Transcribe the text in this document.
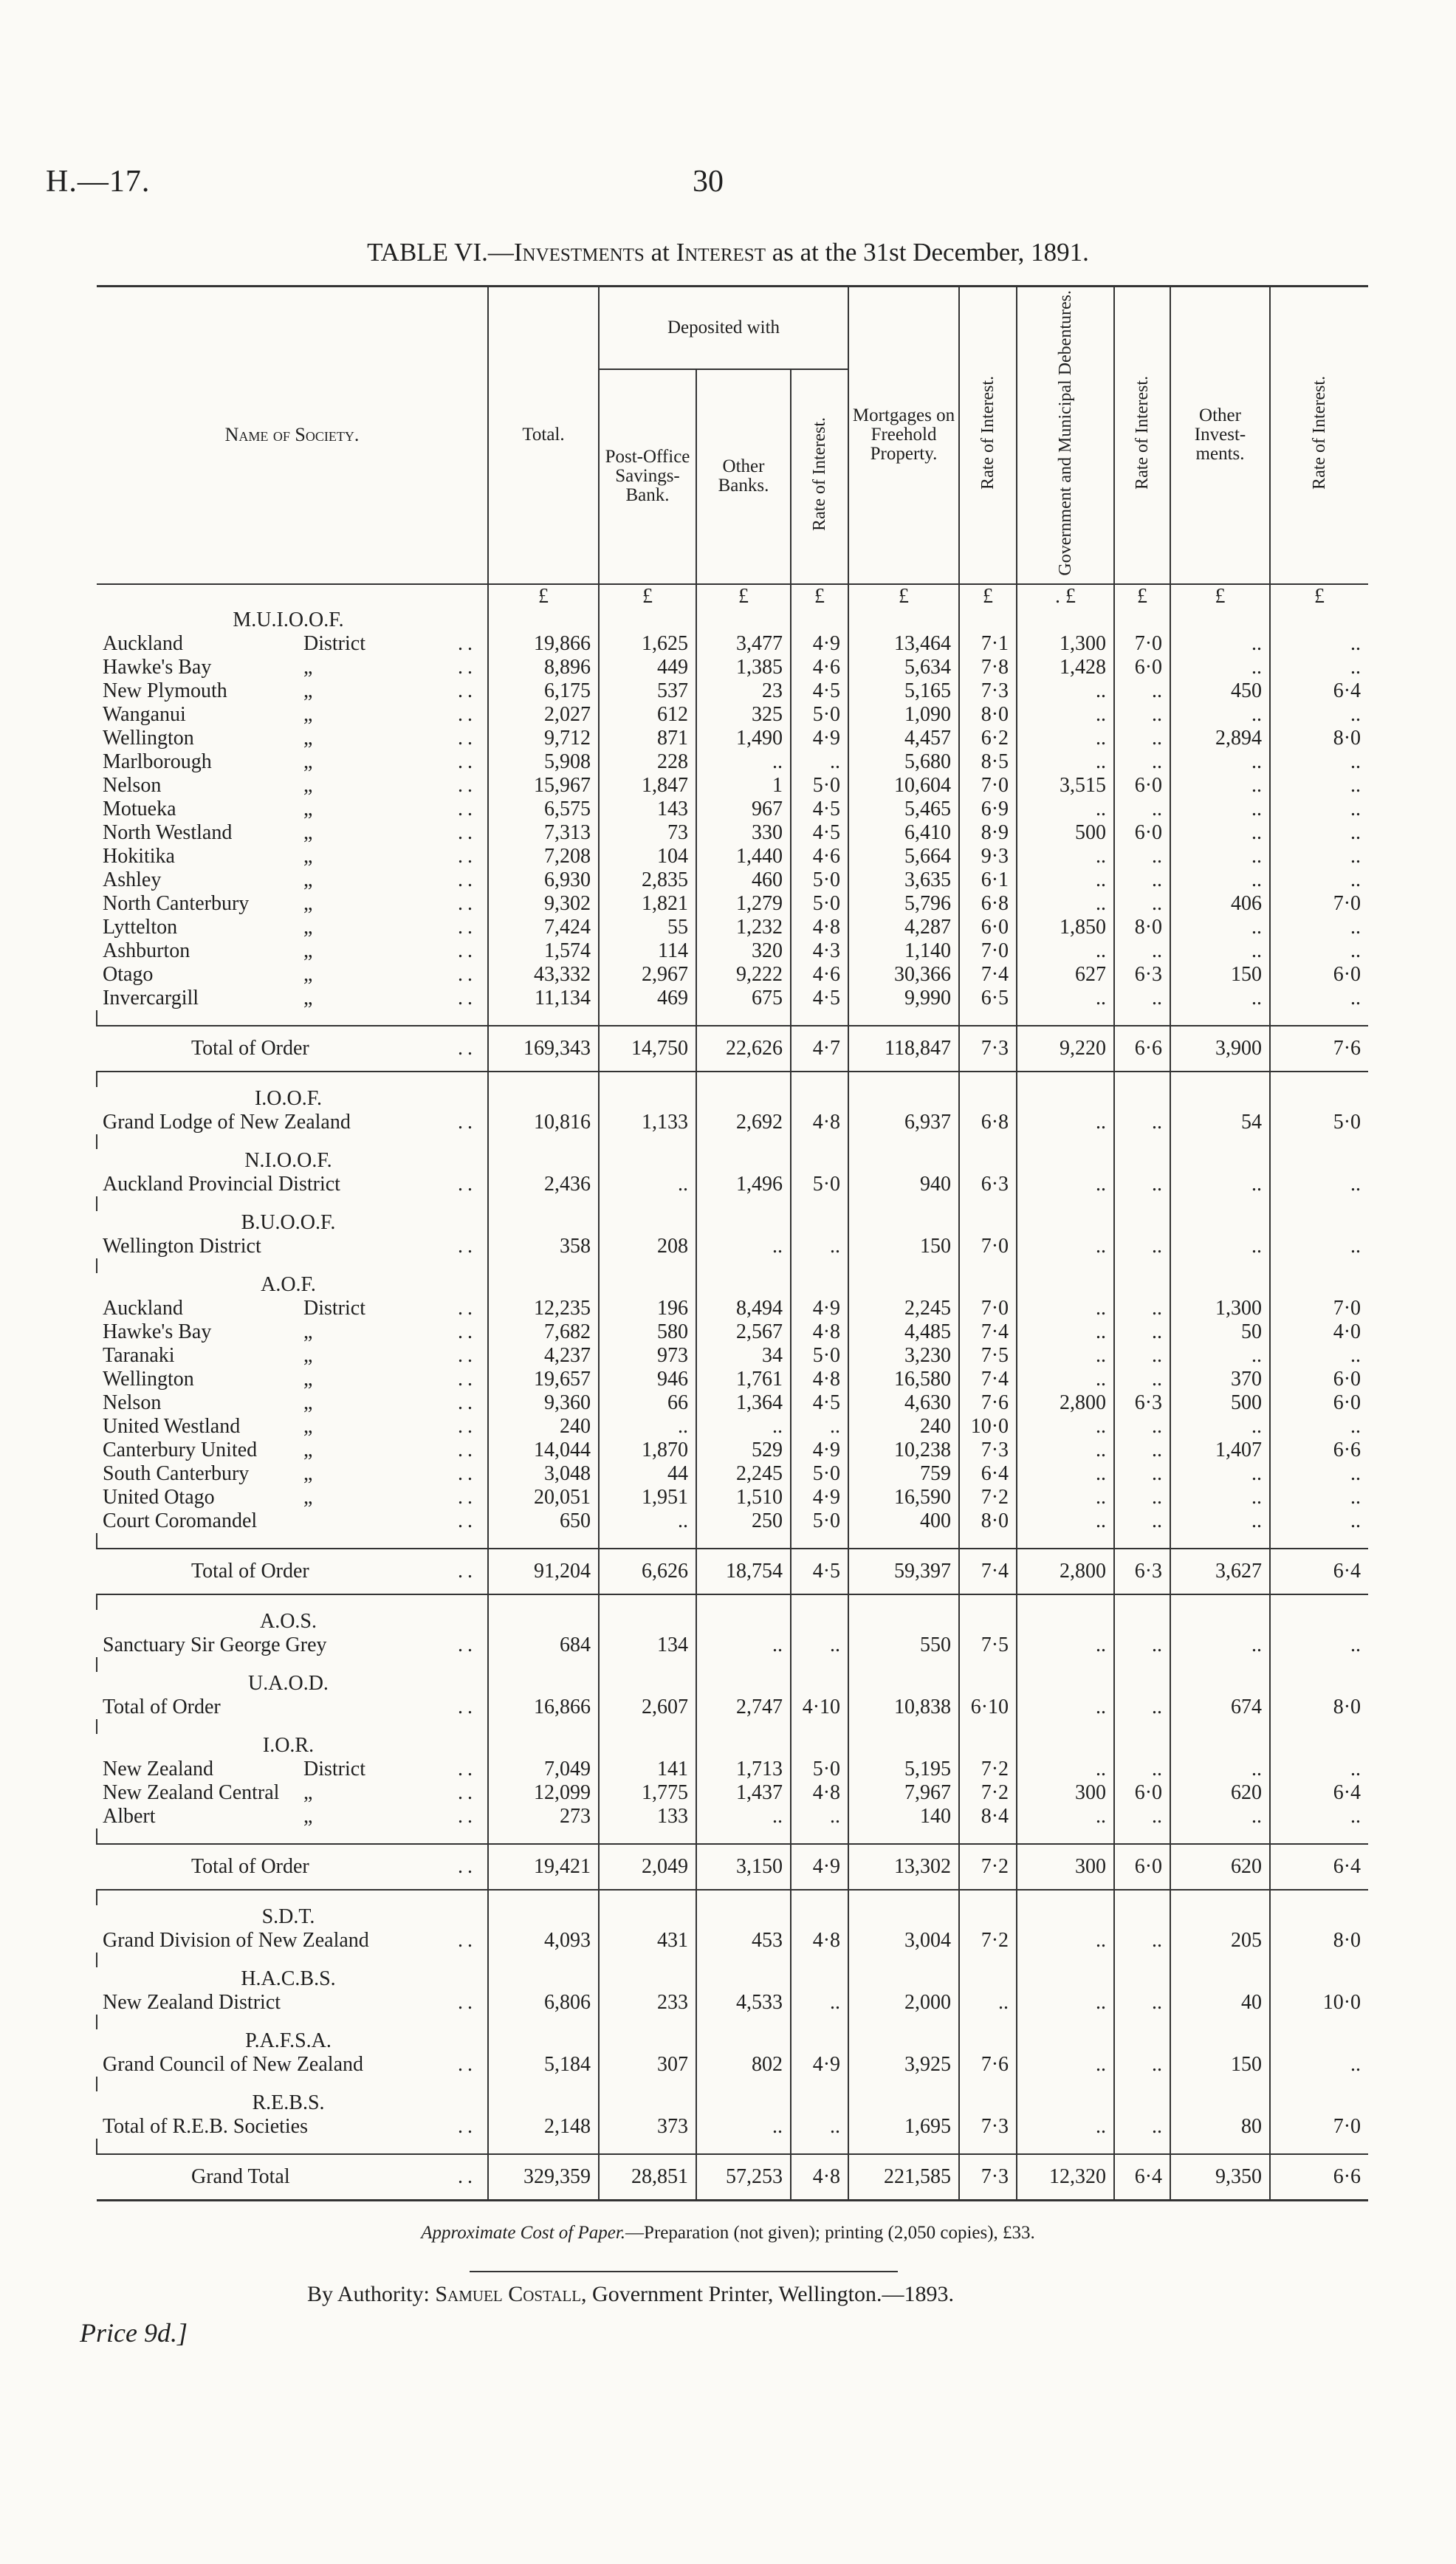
H.—17.	30
TABLE VI.—Investments at Interest as at the 31st December, 1891.
Name of Society.	Total.	Deposited with			Mortgages on Freehold Property.	Rate of Interest.	Government and Municipal Debentures.	Rate of Interest.	Other Invest-ments.	Rate of Interest.
		Post-Office Savings-Bank.	Other Banks.	Rate of Interest.						
	£	£	£	£	£	£	. £	£	£	£
M.U.I.O.O.F.										
Auckland District ..	19,866	1,625	3,477	4·9	13,464	7·1	1,300	7·0	..	..
Hawke's Bay „ ..	8,896	449	1,385	4·6	5,634	7·8	1,428	6·0	..	..
New Plymouth „ ..	6,175	537	23	4·5	5,165	7·3	..	..	450	6·4
Wanganui „ ..	2,027	612	325	5·0	1,090	8·0	..	..	..	..
Wellington „ ..	9,712	871	1,490	4·9	4,457	6·2	..	..	2,894	8·0
Marlborough „ ..	5,908	228	..	..	5,680	8·5	..	..	..	..
Nelson „ ..	15,967	1,847	1	5·0	10,604	7·0	3,515	6·0	..	..
Motueka „ ..	6,575	143	967	4·5	5,465	6·9	..	..	..	..
North Westland „ ..	7,313	73	330	4·5	6,410	8·9	500	6·0	..	..
Hokitika „ ..	7,208	104	1,440	4·6	5,664	9·3	..	..	..	..
Ashley „ ..	6,930	2,835	460	5·0	3,635	6·1	..	..	..	..
North Canterbury „ ..	9,302	1,821	1,279	5·0	5,796	6·8	..	..	406	7·0
Lyttelton „ ..	7,424	55	1,232	4·8	4,287	6·0	1,850	8·0	..	..
Ashburton „ ..	1,574	114	320	4·3	1,140	7·0	..	..	..	..
Otago „ ..	43,332	2,967	9,222	4·6	30,366	7·4	627	6·3	150	6·0
Invercargill „ ..	11,134	469	675	4·5	9,990	6·5	..	..	..	..

Total of Order ..	169,343	14,750	22,626	4·7	118,847	7·3	9,220	6·6	3,900	7·6

I.O.O.F.										
Grand Lodge of New Zealand ..	10,816	1,133	2,692	4·8	6,937	6·8	..	..	54	5·0

N.I.O.O.F.										
Auckland Provincial District ..	2,436	..	1,496	5·0	940	6·3	..	..	..	..

B.U.O.O.F.										
Wellington District ..	358	208	..	..	150	7·0	..	..	..	..

A.O.F.										
Auckland District ..	12,235	196	8,494	4·9	2,245	7·0	..	..	1,300	7·0
Hawke's Bay „ ..	7,682	580	2,567	4·8	4,485	7·4	..	..	50	4·0
Taranaki „ ..	4,237	973	34	5·0	3,230	7·5	..	..	..	..
Wellington „ ..	19,657	946	1,761	4·8	16,580	7·4	..	..	370	6·0
Nelson „ ..	9,360	66	1,364	4·5	4,630	7·6	2,800	6·3	500	6·0
United Westland „ ..	240	..	..	..	240	10·0	..	..	..	..
Canterbury United „ ..	14,044	1,870	529	4·9	10,238	7·3	..	..	1,407	6·6
South Canterbury „ ..	3,048	44	2,245	5·0	759	6·4	..	..	..	..
United Otago „ ..	20,051	1,951	1,510	4·9	16,590	7·2	..	..	..	..
Court Coromandel ..	650	..	250	5·0	400	8·0	..	..	..	..

Total of Order ..	91,204	6,626	18,754	4·5	59,397	7·4	2,800	6·3	3,627	6·4

A.O.S.										
Sanctuary Sir George Grey ..	684	134	..	..	550	7·5	..	..	..	..

U.A.O.D.										
Total of Order ..	16,866	2,607	2,747	4·10	10,838	6·10	..	..	674	8·0

I.O.R.										
New Zealand District ..	7,049	141	1,713	5·0	5,195	7·2	..	..	..	..
New Zealand Central „ ..	12,099	1,775	1,437	4·8	7,967	7·2	300	6·0	620	6·4
Albert „ ..	273	133	..	..	140	8·4	..	..	..	..

Total of Order ..	19,421	2,049	3,150	4·9	13,302	7·2	300	6·0	620	6·4

S.D.T.										
Grand Division of New Zealand ..	4,093	431	453	4·8	3,004	7·2	..	..	205	8·0

H.A.C.B.S.										
New Zealand District ..	6,806	233	4,533	..	2,000	..	..	..	40	10·0

P.A.F.S.A.										
Grand Council of New Zealand ..	5,184	307	802	4·9	3,925	7·6	..	..	150	..

R.E.B.S.										
Total of R.E.B. Societies ..	2,148	373	..	..	1,695	7·3	..	..	80	7·0

Grand Total ..	329,359	28,851	57,253	4·8	221,585	7·3	12,320	6·4	9,350	6·6
Approximate Cost of Paper.—Preparation (not given); printing (2,050 copies), £33.
By Authority: Samuel Costall, Government Printer, Wellington.—1893.
Price 9d.]
